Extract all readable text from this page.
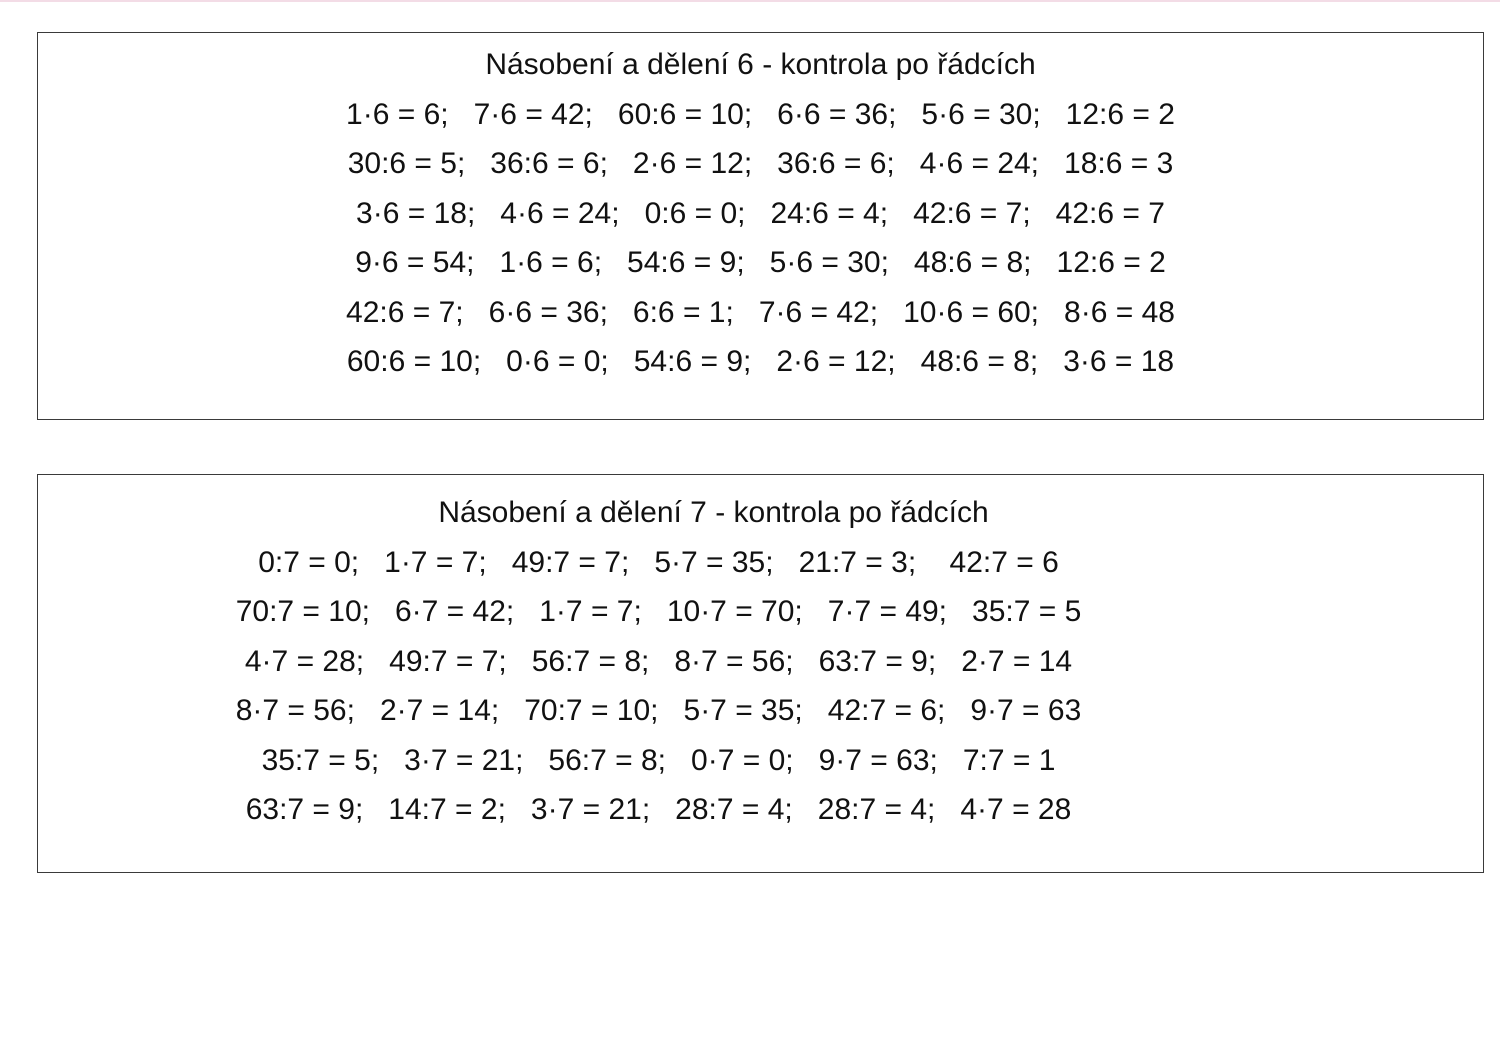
Násobení a dělení 6 - kontrola po řádcích
1·6 = 6;   7·6 = 42;   60:6 = 10;   6·6 = 36;   5·6 = 30;   12:6 = 2
30:6 = 5;   36:6 = 6;   2·6 = 12;   36:6 = 6;   4·6 = 24;   18:6 = 3
3·6 = 18;   4·6 = 24;   0:6 = 0;   24:6 = 4;   42:6 = 7;   42:6 = 7
9·6 = 54;   1·6 = 6;   54:6 = 9;   5·6 = 30;   48:6 = 8;   12:6 = 2
42:6 = 7;   6·6 = 36;   6:6 = 1;   7·6 = 42;   10·6 = 60;   8·6 = 48
60:6 = 10;   0·6 = 0;   54:6 = 9;   2·6 = 12;   48:6 = 8;   3·6 = 18
Násobení a dělení 7 - kontrola po řádcích
0:7 = 0;   1·7 = 7;   49:7 = 7;   5·7 = 35;   21:7 = 3;    42:7 = 6
70:7 = 10;   6·7 = 42;   1·7 = 7;   10·7 = 70;   7·7 = 49;   35:7 = 5
4·7 = 28;   49:7 = 7;   56:7 = 8;   8·7 = 56;   63:7 = 9;   2·7 = 14
8·7 = 56;   2·7 = 14;   70:7 = 10;   5·7 = 35;   42:7 = 6;   9·7 = 63
35:7 = 5;   3·7 = 21;   56:7 = 8;   0·7 = 0;   9·7 = 63;   7:7 = 1
63:7 = 9;   14:7 = 2;   3·7 = 21;   28:7 = 4;   28:7 = 4;   4·7 = 28
